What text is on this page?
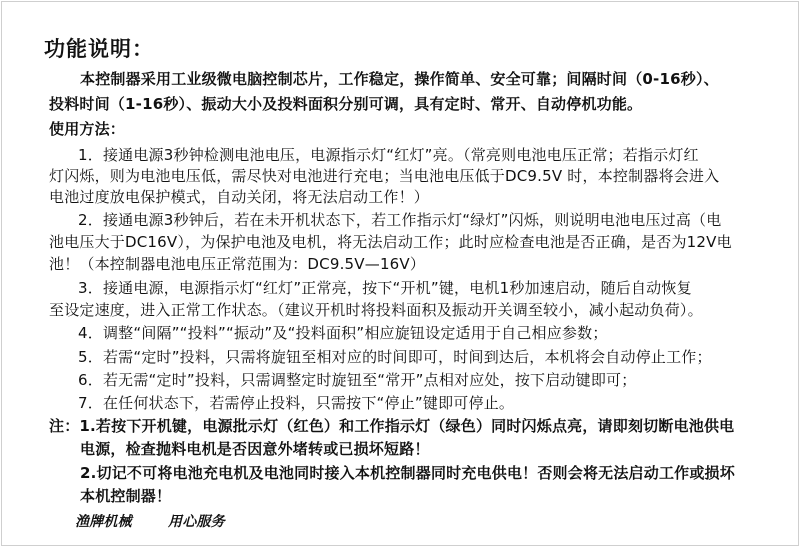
功能说明：
本控制器采用工业级微电脑控制芯片，工作稳定，操作简单、安全可靠；间隔时间（0-16秒）、
投料时间（1-16秒）、振动大小及投料面积分别可调，具有定时、常开、自动停机功能。
使用方法：
1．接通电源3秒钟检测电池电压，电源指示灯“红灯”亮。（常亮则电池电压正常；若指示灯红
灯闪烁，则为电池电压低，需尽快对电池进行充电；当电池电压低于DC9.5V 时，本控制器将会进入
电池过度放电保护模式，自动关闭，将无法启动工作！）
2．接通电源3秒钟后，若在未开机状态下，若工作指示灯“绿灯”闪烁，则说明电池电压过高（电
池电压大于DC16V），为保护电池及电机，将无法启动工作；此时应检查电池是否正确，是否为12V电
池！（本控制器电池电压正常范围为：DC9.5V—16V）
3．接通电源，电源指示灯“红灯”正常亮，按下“开机”键，电机1秒加速启动，随后自动恢复
至设定速度，进入正常工作状态。（建议开机时将投料面积及振动开关调至较小，减小起动负荷）。
4．调整“间隔”“投料”“振动”及“投料面积”相应旋钮设定适用于自己相应参数；
5．若需“定时”投料，只需将旋钮至相对应的时间即可，时间到达后，本机将会自动停止工作；
6．若无需“定时”投料，只需调整定时旋钮至“常开”点相对应处，按下启动键即可；
7．在任何状态下，若需停止投料，只需按下“停止”键即可停止。
注：1.若按下开机键，电源批示灯（红色）和工作指示灯（绿色）同时闪烁点亮，请即刻切断电池供电
电源，检查抛料电机是否因意外堵转或已损坏短路！
2.切记不可将电池充电机及电池同时接入本机控制器同时充电供电！否则会将无法启动工作或损坏
本机控制器！
渔牌机械	用心服务
